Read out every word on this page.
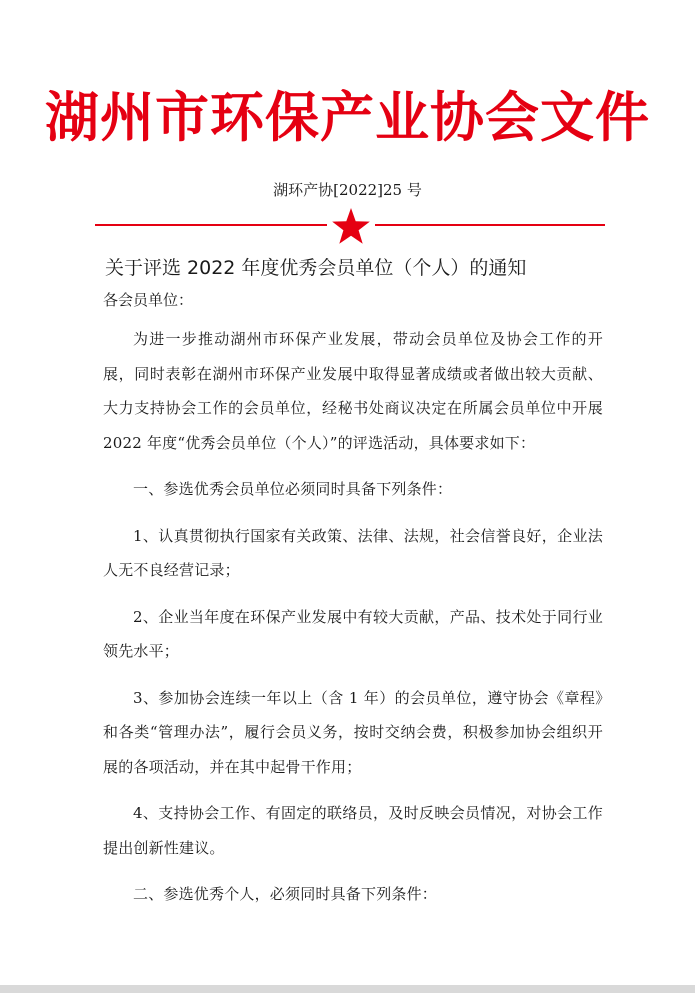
湖州市环保产业协会文件
湖环产协[2022]25 号
关于评选 2022 年度优秀会员单位（个人）的通知
各会员单位：

为进一步推动湖州市环保产业发展，带动会员单位及协会工作的开展，同时表彰在湖州市环保产业发展中取得显著成绩或者做出较大贡献、大力支持协会工作的会员单位，经秘书处商议决定在所属会员单位中开展 2022 年度“优秀会员单位（个人）”的评选活动，具体要求如下：

一、参选优秀会员单位必须同时具备下列条件：

1、认真贯彻执行国家有关政策、法律、法规，社会信誉良好，企业法人无不良经营记录；

2、企业当年度在环保产业发展中有较大贡献，产品、技术处于同行业领先水平；

3、参加协会连续一年以上（含 1 年）的会员单位，遵守协会《章程》和各类“管理办法”，履行会员义务，按时交纳会费，积极参加协会组织开展的各项活动，并在其中起骨干作用；

4、支持协会工作、有固定的联络员，及时反映会员情况，对协会工作提出创新性建议。

二、参选优秀个人，必须同时具备下列条件：
